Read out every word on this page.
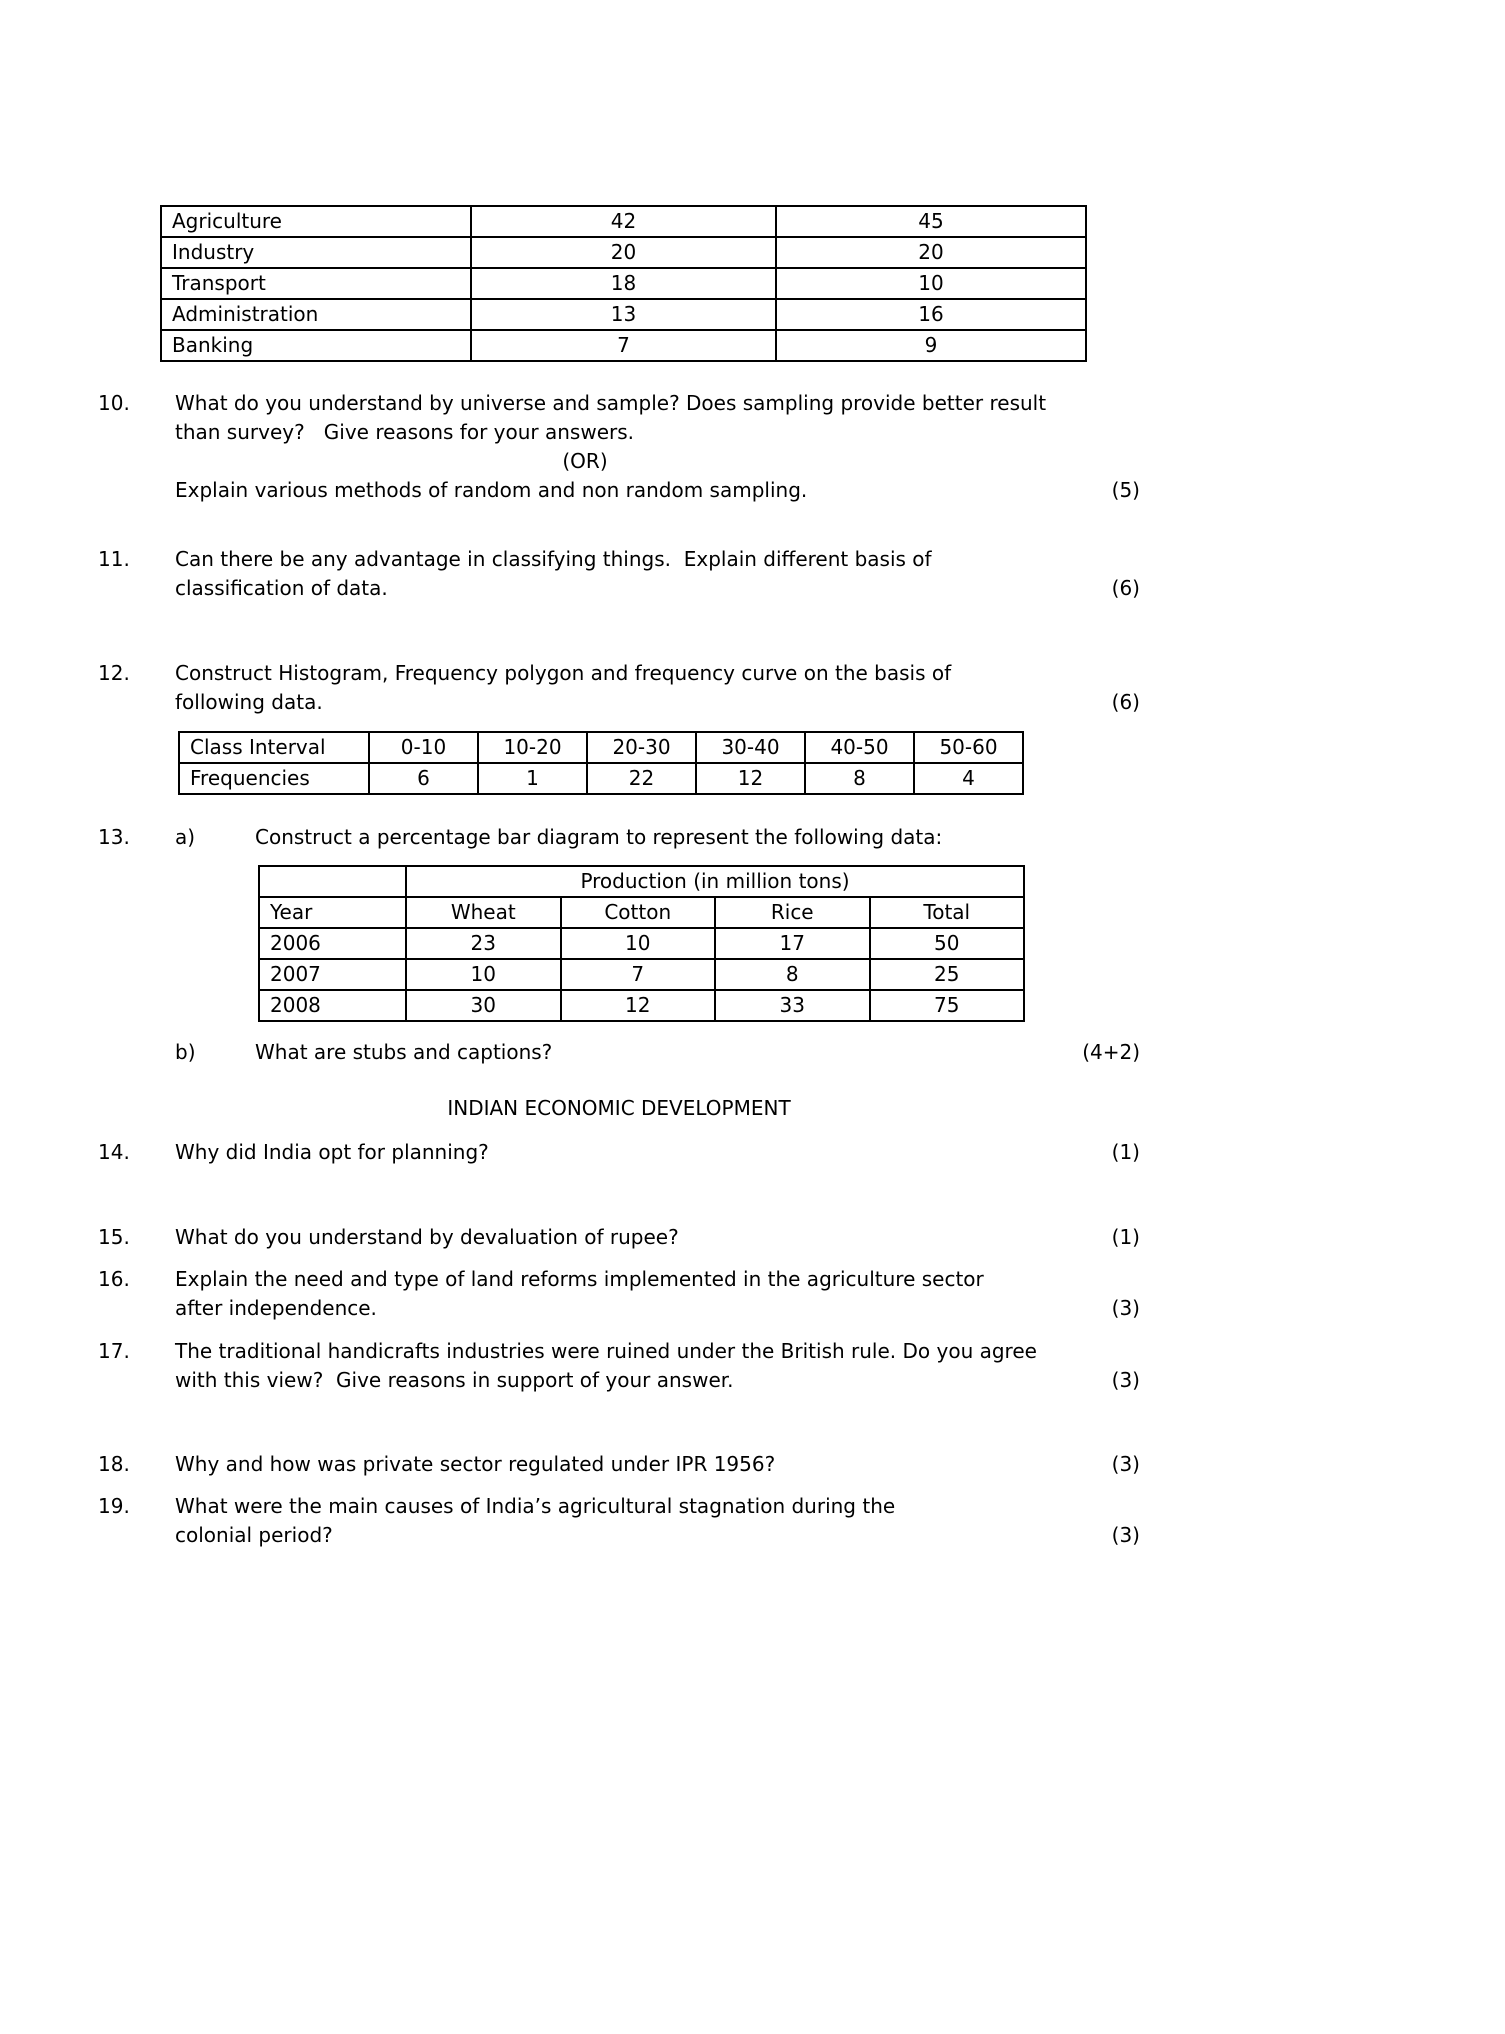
Agriculture	42	45
Industry	20	20
Transport	18	10
Administration	13	16
Banking	7	9
10.	What do you understand by universe and sample? Does sampling provide better result
than survey?   Give reasons for your answers.
(OR)
Explain various methods of random and non random sampling.	(5)
11.	Can there be any advantage in classifying things.  Explain different basis of
classification of data.	(6)
12.	Construct Histogram, Frequency polygon and frequency curve on the basis of
following data.	(6)
Class Interval	0-10	10-20	20-30	30-40	40-50	50-60
Frequencies	6	1	22	12	8	4
13.	a)	Construct a percentage bar diagram to represent the following data:
	Production (in million tons)			
Year	Wheat	Cotton	Rice	Total
2006	23	10	17	50
2007	10	7	8	25
2008	30	12	33	75
b)	What are stubs and captions?	(4+2)
INDIAN ECONOMIC DEVELOPMENT
14.	Why did India opt for planning?	(1)
15.	What do you understand by devaluation of rupee?	(1)
16.	Explain the need and type of land reforms implemented in the agriculture sector
after independence.	(3)
17.	The traditional handicrafts industries were ruined under the British rule. Do you agree
with this view?  Give reasons in support of your answer.	(3)
18.	Why and how was private sector regulated under IPR 1956?	(3)
19.	What were the main causes of India’s agricultural stagnation during the
colonial period?	(3)
